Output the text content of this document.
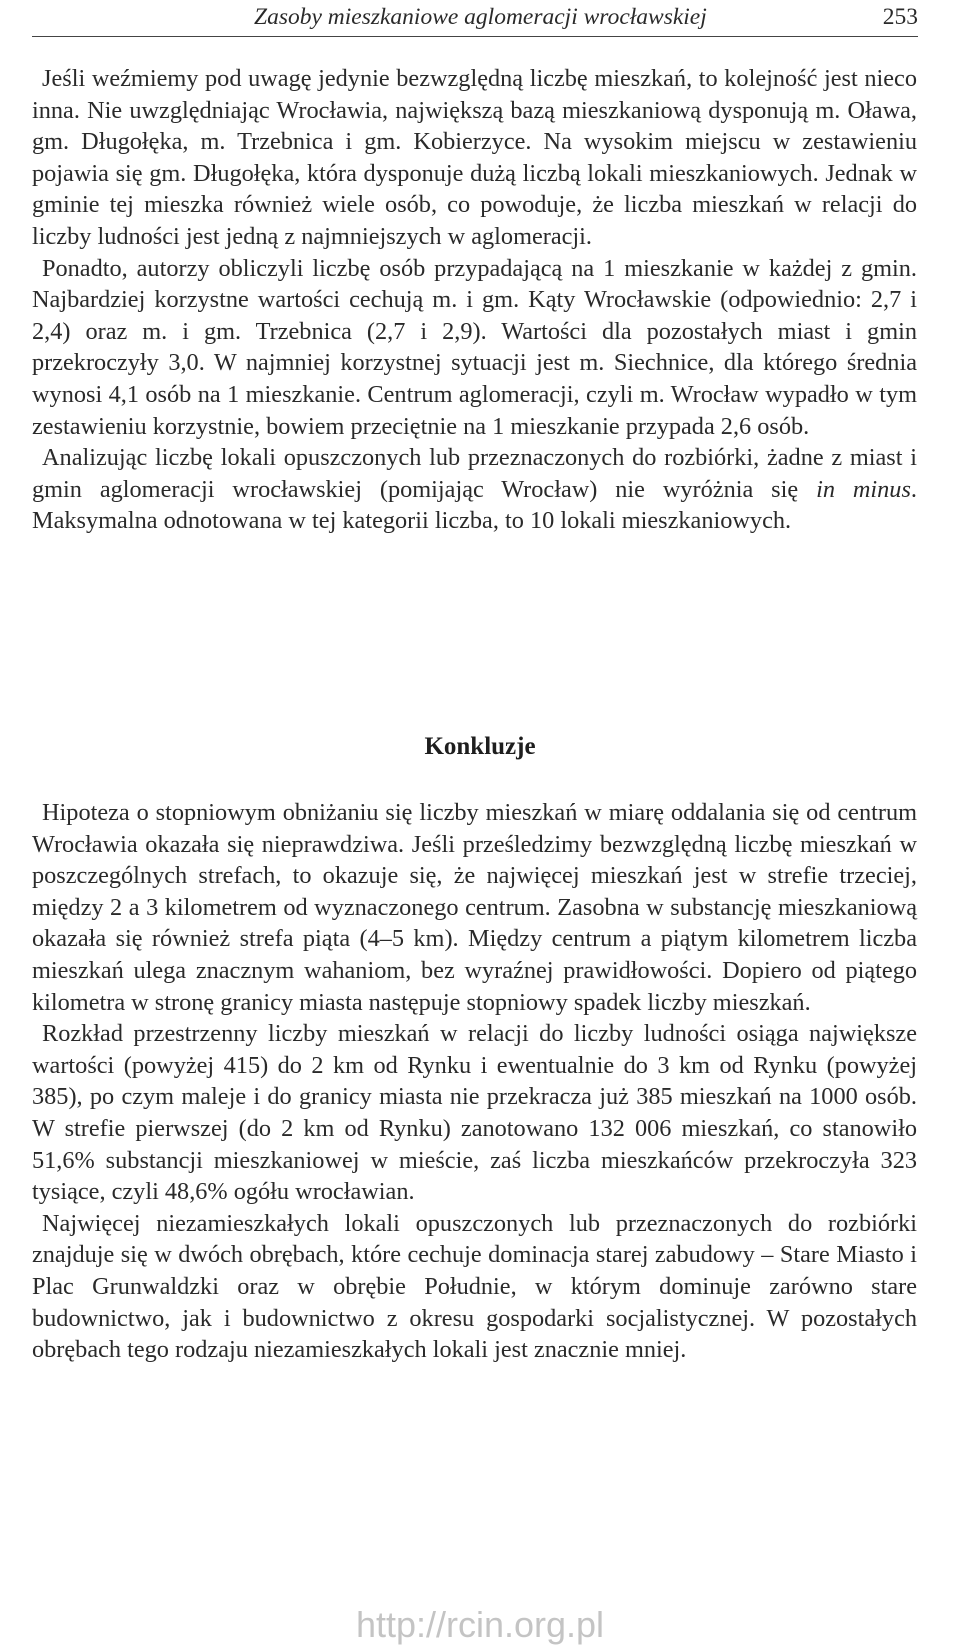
Zasoby mieszkaniowe aglomeracji wrocławskiej	253

Jeśli weźmiemy pod uwagę jedynie bezwzględną liczbę mieszkań, to kolejność jest nieco inna. Nie uwzględniając Wrocławia, największą bazą mieszkaniową dysponują m. Oława, gm. Długołęka, m. Trzebnica i gm. Kobierzyce. Na wysokim miejscu w zestawieniu pojawia się gm. Długołęka, która dysponuje dużą liczbą lokali mieszkaniowych. Jednak w gminie tej mieszka również wiele osób, co powoduje, że liczba mieszkań w relacji do liczby ludności jest jedną z najmniejszych w aglomeracji.

Ponadto, autorzy obliczyli liczbę osób przypadającą na 1 mieszkanie w każdej z gmin. Najbardziej korzystne wartości cechują m. i gm. Kąty Wrocławskie (odpowiednio: 2,7 i 2,4) oraz m. i gm. Trzebnica (2,7 i 2,9). Wartości dla pozostałych miast i gmin przekroczyły 3,0. W najmniej korzystnej sytuacji jest m. Siechnice, dla którego średnia wynosi 4,1 osób na 1 mieszkanie. Centrum aglomeracji, czyli m. Wrocław wypadło w tym zestawieniu korzystnie, bowiem przeciętnie na 1 mieszkanie przypada 2,6 osób.

Analizując liczbę lokali opuszczonych lub przeznaczonych do rozbiórki, żadne z miast i gmin aglomeracji wrocławskiej (pomijając Wrocław) nie wyróżnia się in minus. Maksymalna odnotowana w tej kategorii liczba, to 10 lokali mieszkaniowych.

Konkluzje

Hipoteza o stopniowym obniżaniu się liczby mieszkań w miarę oddalania się od centrum Wrocławia okazała się nieprawdziwa. Jeśli prześledzimy bezwzględną liczbę mieszkań w poszczególnych strefach, to okazuje się, że najwięcej mieszkań jest w strefie trzeciej, między 2 a 3 kilometrem od wyznaczonego centrum. Zasobna w substancję mieszkaniową okazała się również strefa piąta (4–5 km). Między centrum a piątym kilometrem liczba mieszkań ulega znacznym wahaniom, bez wyraźnej prawidłowości. Dopiero od piątego kilometra w stronę granicy miasta następuje stopniowy spadek liczby mieszkań.

Rozkład przestrzenny liczby mieszkań w relacji do liczby ludności osiąga największe wartości (powyżej 415) do 2 km od Rynku i ewentualnie do 3 km od Rynku (powyżej 385), po czym maleje i do granicy miasta nie przekracza już 385 mieszkań na 1000 osób. W strefie pierwszej (do 2 km od Rynku) zanotowano 132 006 mieszkań, co stanowiło 51,6% substancji mieszkaniowej w mieście, zaś liczba mieszkańców przekroczyła 323 tysiące, czyli 48,6% ogółu wrocławian.

Najwięcej niezamieszkałych lokali opuszczonych lub przeznaczonych do rozbiórki znajduje się w dwóch obrębach, które cechuje dominacja starej zabudowy – Stare Miasto i Plac Grunwaldzki oraz w obrębie Południe, w którym dominuje zarówno stare budownictwo, jak i budownictwo z okresu gospodarki socjalistycznej. W pozostałych obrębach tego rodzaju niezamieszkałych lokali jest znacznie mniej.

http://rcin.org.pl
